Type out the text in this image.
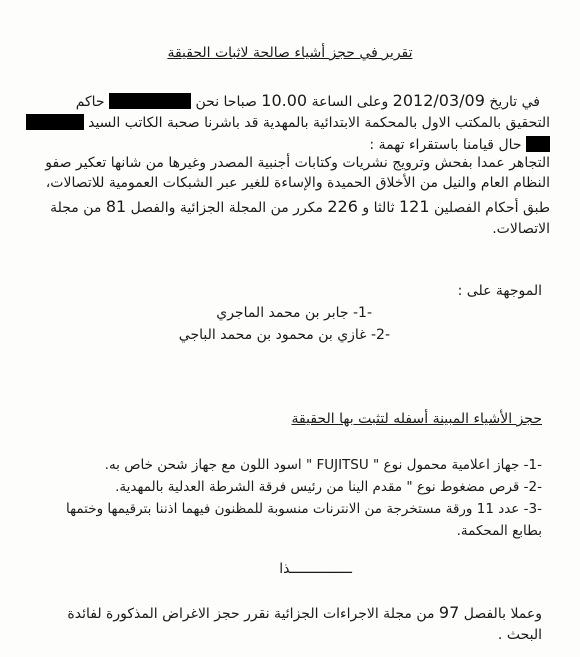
تقرير في حجز أشياء صالحة لاثبات الحقيقة
في تاريخ 2012/03/09 وعلى الساعة 10.00 صباحا نحن  حاكم
التحقيق بالمكتب الاول بالمحكمة الابتدائية بالمهدية قد باشرنا صحبة الكاتب السيد
حال قيامنا باستقراء تهمة :
التجاهر عمدا بفحش وترويج نشريات وكتابات أجنبية المصدر وغيرها من شانها تعكير صفو
النظام العام والنيل من الأخلاق الحميدة والإساءة للغير عبر الشبكات العمومية للاتصالات،
طبق أحكام الفصلين 121 ثالثا و 226 مكرر من المجلة الجزائية والفصل 81 من مجلة
الاتصالات.
الموجهة على :
-1- جابر بن محمد الماجري
-2- غازي بن محمود بن محمد الباجي
حجز الأشياء المبينة أسفله لتثبت بها الحقيقة
-1- جهاز اعلامية محمول نوع " FUJITSU " اسود اللون مع جهاز شحن خاص به.
-2- قرص مضغوط نوع " مقدم الينا من رئيس فرقة الشرطة العدلية بالمهدية.
-3- عدد 11 ورقة مستخرجة من الانترنات منسوبة للمظنون فيهما اذننا بترقيمها وختمها
بطابع المحكمة.
ـــــــــــــــذا
وعملا بالفصل 97 من مجلة الاجراءات الجزائية نقرر حجز الاغراض المذكورة لفائدة
البحث .
